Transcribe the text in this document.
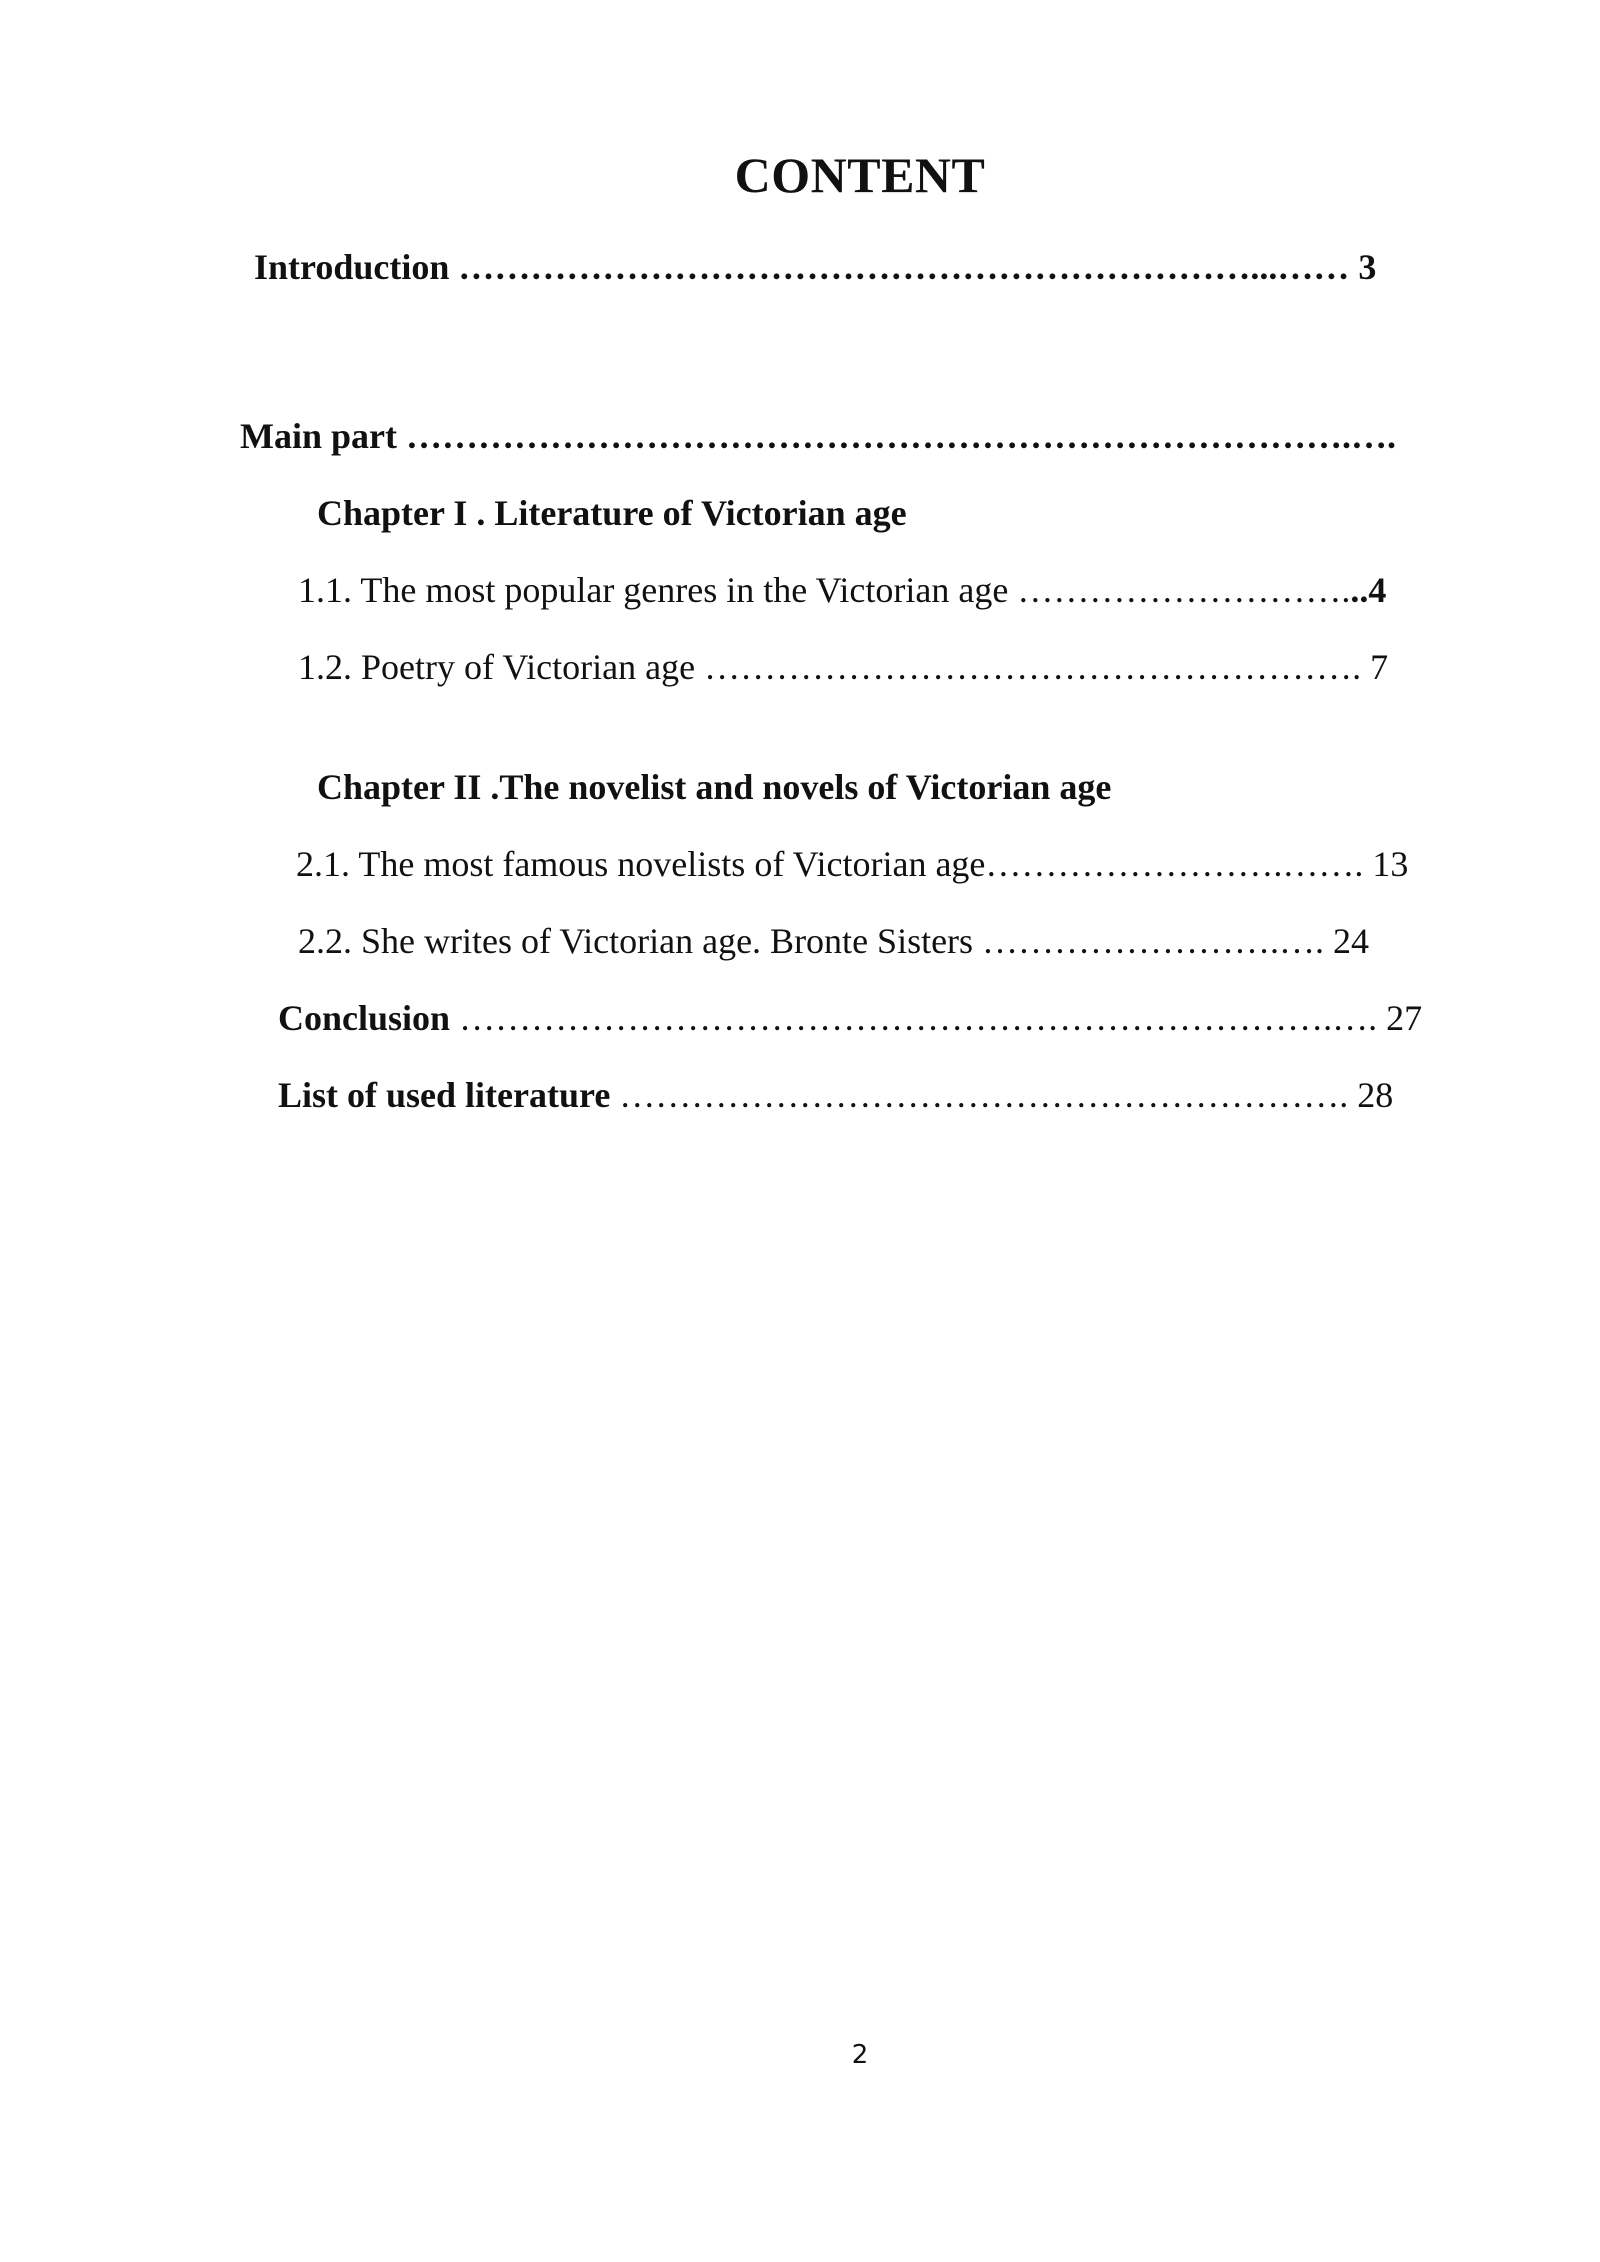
CONTENT
Introduction …………………………………………………………...…… 3
Main part …………………………………………………………………….….
Chapter I . Literature of Victorian age
1.1. The most popular genres in the Victorian age ………………………...4
1.2. Poetry of Victorian age ………………………………………………. 7
Chapter II .The novelist and novels of Victorian age
2.1. The most famous novelists of Victorian age…………………….……. 13
2.2. She writes of Victorian age. Bronte Sisters …………………….…. 24
Conclusion ……………………………………………………………….…. 27
List of used literature ……………………………………………………. 28
2
